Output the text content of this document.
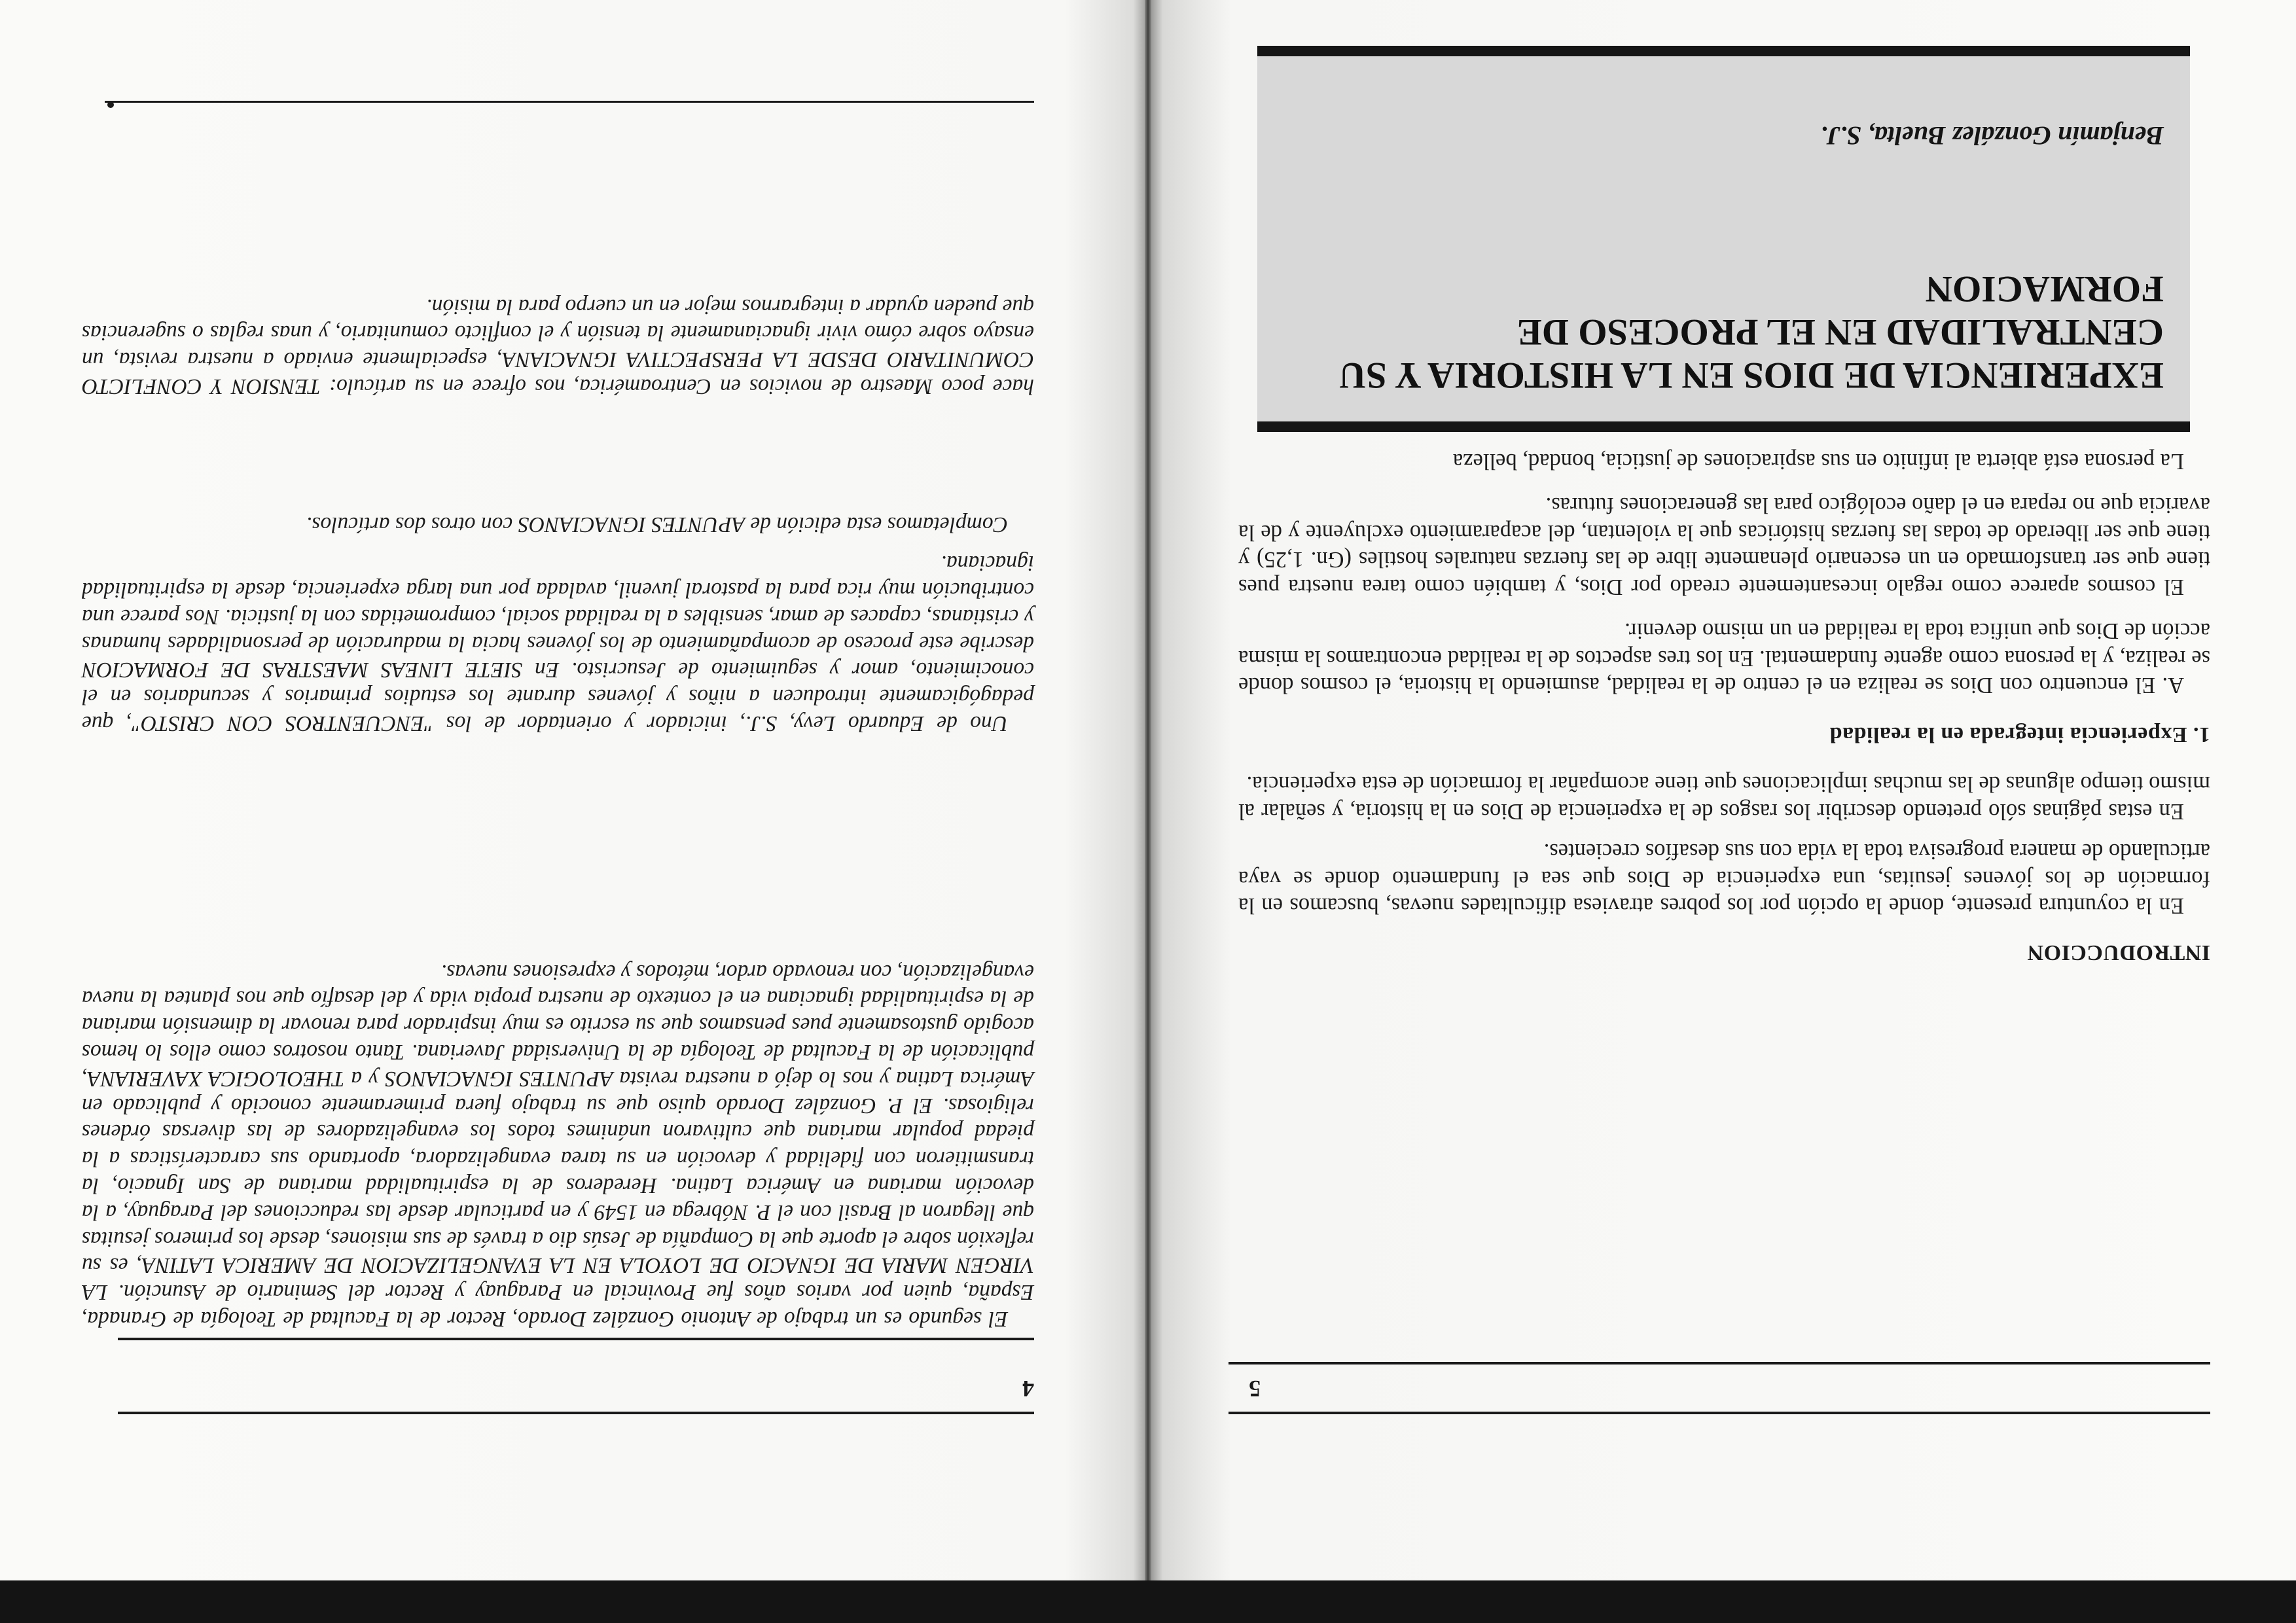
5
INTRODUCCION

En la coyuntura presente, donde la opción por los pobres atraviesa dificultades nuevas, buscamos en la formación de los jóvenes jesuitas, una experiencia de Dios que sea el fundamento donde se vaya articulando de manera progresiva toda la vida con sus desafíos crecientes.

En estas páginas sólo pretendo describir los rasgos de la experiencia de Dios en la historia, y señalar al mismo tiempo algunas de las muchas implicaciones que tiene acompañar la formación de esta experiencia.

1. Experiencia integrada en la realidad

A. El encuentro con Dios se realiza en el centro de la realidad, asumiendo la historia, el cosmos donde se realiza, y la persona como agente fundamental. En los tres aspectos de la realidad encontramos la misma acción de Dios que unifica toda la realidad en un mismo devenir.

El cosmos aparece como regalo incesantemente creado por Dios, y también como tarea nuestra pues tiene que ser transformado en un escenario plenamente libre de las fuerzas naturales hostiles (Gn. 1,25) y tiene que ser liberado de todas las fuerzas históricas que la violentan, del acaparamiento excluyente y de la avaricia que no repara en el daño ecológico para las generaciones futuras.

La persona está abierta al infinito en sus aspiraciones de justicia, bondad, belleza

4

hace poco Maestro de novicios en Centroamérica, nos ofrece en su artículo: TENSION Y CONFLICTO COMUNITARIO DESDE LA PERSPECTIVA IGNACIANA, especialmente enviado a nuestra revista, un ensayo sobre cómo vivir ignacianamente la tensión y el conflicto comunitario, y unas reglas o sugerencias que pueden ayudar a integrarnos mejor en un cuerpo para la misión.

El segundo es un trabajo de Antonio González Dorado, Rector de la Facultad de Teología de Granada, España, quien por varios años fue Provincial en Paraguay y Rector del Seminario de Asunción. LA VIRGEN MARIA DE IGNACIO DE LOYOLA EN LA EVANGELIZACION DE AMERICA LATINA, es su reflexión sobre el aporte que la Compañía de Jesús dio a través de sus misiones, desde los primeros jesuitas que llegaron al Brasil con el P. Nóbrega en 1549 y en particular desde las reducciones del Paraguay, a la devoción mariana en América Latina. Herederos de la espiritualidad mariana de San Ignacio, la transmitieron con fidelidad y devoción en su tarea evangelizadora, aportando sus características a la piedad popular mariana que cultivaron unánimes todos los evangelizadores de las diversas órdenes religiosas. El P. González Dorado quiso que su trabajo fuera primeramente conocido y publicado en América Latina y nos lo dejó a nuestra revista APUNTES IGNACIANOS y a THEOLOGICA XAVERIANA, publicación de la Facultad de Teología de la Universidad Javeriana. Tanto nosotros como ellos lo hemos acogido gustosamente pues pensamos que su escrito es muy inspirador para renovar la dimensión mariana de la espiritualidad ignaciana en el contexto de nuestra propia vida y del desafío que nos plantea la nueva evangelización, con renovado ardor, métodos y expresiones nuevas.

Uno de Eduardo Levy, S.J., iniciador y orientador de los "ENCUENTROS CON CRISTO", que pedagógicamente introducen a niños y jóvenes durante los estudios primarios y secundarios en el conocimiento, amor y seguimiento de Jesucristo. En SIETE LINEAS MAESTRAS DE FORMACION describe este proceso de acompañamiento de los jóvenes hacia la maduración de personalidades humanas y cristianas, capaces de amar, sensibles a la realidad social, comprometidas con la justicia. Nos parece una contribución muy rica para la pastoral juvenil, avalada por una larga experiencia, desde la espiritualidad ignaciana.

Completamos esta edición de APUNTES IGNACIANOS con otros dos artículos.

EXPERIENCIA DE DIOS EN LA HISTORIA Y SU CENTRALIDAD EN EL PROCESO DE FORMACION
Benjamín González Buelta, S.J.
